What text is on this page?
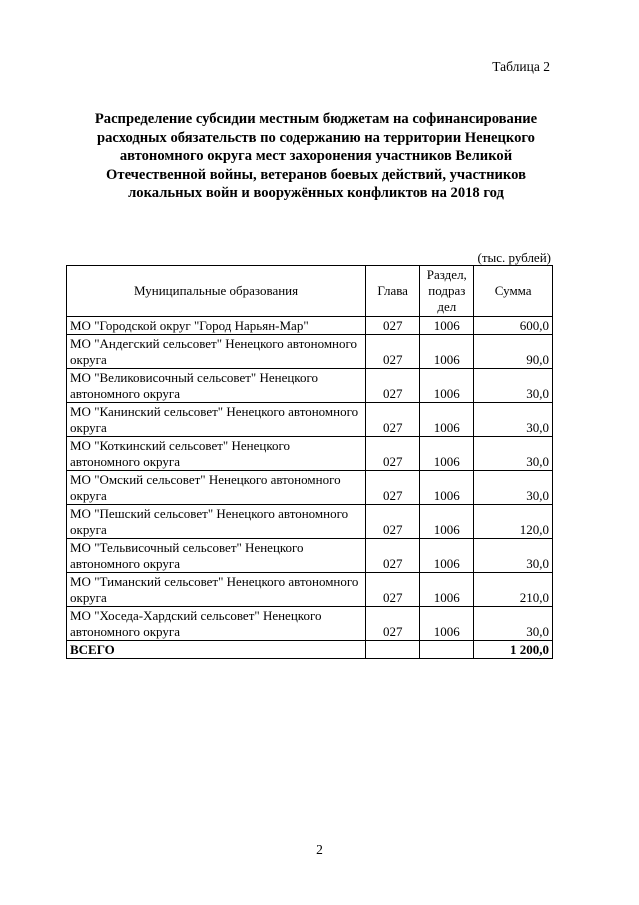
Таблица 2
Распределение субсидии местным бюджетам на софинансирование
расходных обязательств по содержанию на территории Ненецкого
автономного округа мест захоронения участников Великой
Отечественной войны, ветеранов боевых действий, участников
локальных войн и вооружённых конфликтов на 2018 год
(тыс. рублей)
Муниципальные образования	Глава	Раздел,
подраз
дел	Сумма

МО "Городской округ "Город Нарьян-Мар"	027	1006	600,0

МО "Андегский сельсовет" Ненецкого автономного
округа	027	1006	90,0

МО "Великовисочный сельсовет" Ненецкого
автономного округа	027	1006	30,0

МО "Канинский сельсовет" Ненецкого автономного
округа	027	1006	30,0

МО "Коткинский сельсовет" Ненецкого
автономного округа	027	1006	30,0

МО "Омский сельсовет" Ненецкого автономного
округа	027	1006	30,0

МО "Пешский сельсовет" Ненецкого автономного
округа	027	1006	120,0

МО "Тельвисочный сельсовет" Ненецкого
автономного округа	027	1006	30,0

МО "Тиманский сельсовет" Ненецкого автономного
округа	027	1006	210,0

МО "Хоседа-Хардский сельсовет" Ненецкого
автономного округа	027	1006	30,0
ВСЕГО			1 200,0
2
